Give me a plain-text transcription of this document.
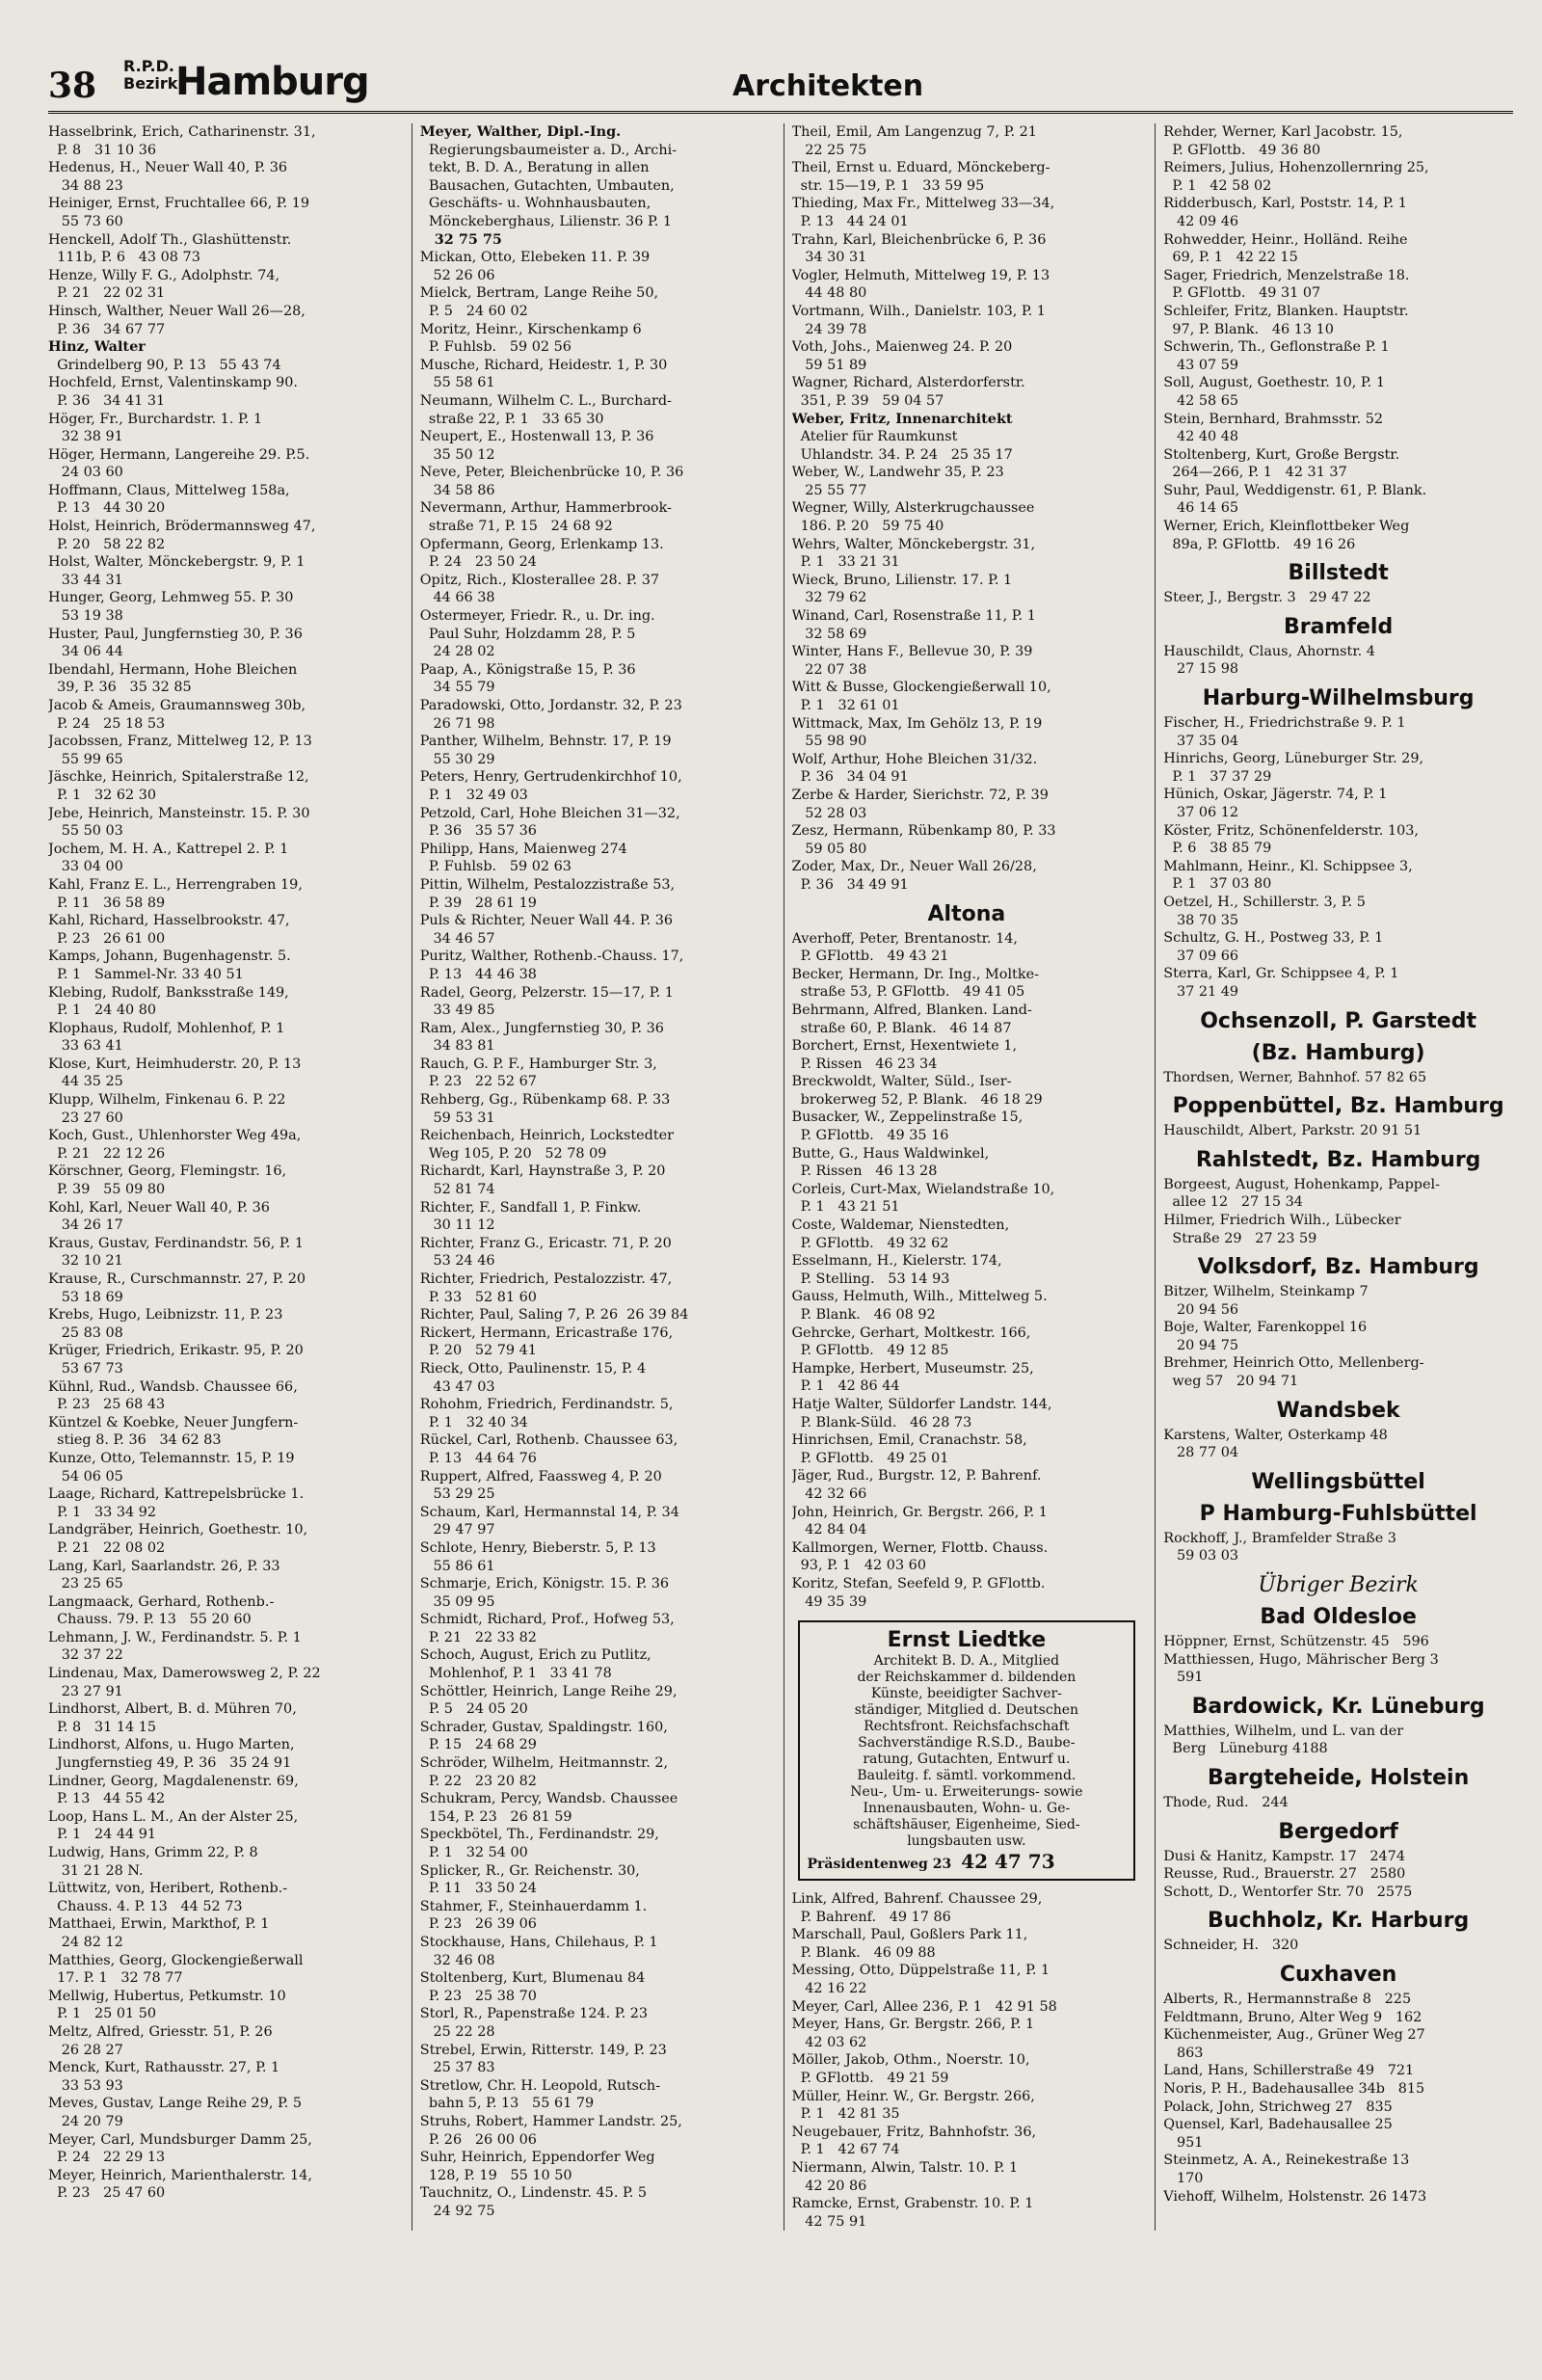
38 R.P.D.
Bezirk
Hamburg	Architekten
Hasselbrink, Erich, Catharinenstr. 31,
P. 8   31 10 36
Hedenus, H., Neuer Wall 40, P. 36
34 88 23
Heiniger, Ernst, Fruchtallee 66, P. 19
55 73 60
Henckell, Adolf Th., Glashüttenstr.
111b, P. 6   43 08 73
Henze, Willy F. G., Adolphstr. 74,
P. 21   22 02 31
Hinsch, Walther, Neuer Wall 26—28,
P. 36   34 67 77
Hinz, Walter
Grindelberg 90, P. 13   55 43 74
Hochfeld, Ernst, Valentinskamp 90.
P. 36   34 41 31
Höger, Fr., Burchardstr. 1. P. 1
32 38 91
Höger, Hermann, Langereihe 29. P.5.
24 03 60
Hoffmann, Claus, Mittelweg 158a,
P. 13   44 30 20
Holst, Heinrich, Brödermannsweg 47,
P. 20   58 22 82
Holst, Walter, Mönckebergstr. 9, P. 1
33 44 31
Hunger, Georg, Lehmweg 55. P. 30
53 19 38
Huster, Paul, Jungfernstieg 30, P. 36
34 06 44
Ibendahl, Hermann, Hohe Bleichen
39, P. 36   35 32 85
Jacob & Ameis, Graumannsweg 30b,
P. 24   25 18 53
Jacobssen, Franz, Mittelweg 12, P. 13
55 99 65
Jäschke, Heinrich, Spitalerstraße 12,
P. 1   32 62 30
Jebe, Heinrich, Mansteinstr. 15. P. 30
55 50 03
Jochem, M. H. A., Kattrepel 2. P. 1
33 04 00
Kahl, Franz E. L., Herrengraben 19,
P. 11   36 58 89
Kahl, Richard, Hasselbrookstr. 47,
P. 23   26 61 00
Kamps, Johann, Bugenhagenstr. 5.
P. 1   Sammel-Nr. 33 40 51
Klebing, Rudolf, Banksstraße 149,
P. 1   24 40 80
Klophaus, Rudolf, Mohlenhof, P. 1
33 63 41
Klose, Kurt, Heimhuderstr. 20, P. 13
44 35 25
Klupp, Wilhelm, Finkenau 6. P. 22
23 27 60
Koch, Gust., Uhlenhorster Weg 49a,
P. 21   22 12 26
Körschner, Georg, Flemingstr. 16,
P. 39   55 09 80
Kohl, Karl, Neuer Wall 40, P. 36
34 26 17
Kraus, Gustav, Ferdinandstr. 56, P. 1
32 10 21
Krause, R., Curschmannstr. 27, P. 20
53 18 69
Krebs, Hugo, Leibnizstr. 11, P. 23
25 83 08
Krüger, Friedrich, Erikastr. 95, P. 20
53 67 73
Kühnl, Rud., Wandsb. Chaussee 66,
P. 23   25 68 43
Küntzel & Koebke, Neuer Jungfern-
stieg 8. P. 36   34 62 83
Kunze, Otto, Telemannstr. 15, P. 19
54 06 05
Laage, Richard, Kattrepelsbrücke 1.
P. 1   33 34 92
Landgräber, Heinrich, Goethestr. 10,
P. 21   22 08 02
Lang, Karl, Saarlandstr. 26, P. 33
23 25 65
Langmaack, Gerhard, Rothenb.-
Chauss. 79. P. 13   55 20 60
Lehmann, J. W., Ferdinandstr. 5. P. 1
32 37 22
Lindenau, Max, Damerowsweg 2, P. 22
23 27 91
Lindhorst, Albert, B. d. Mühren 70,
P. 8   31 14 15
Lindhorst, Alfons, u. Hugo Marten,
Jungfernstieg 49, P. 36   35 24 91
Lindner, Georg, Magdalenenstr. 69,
P. 13   44 55 42
Loop, Hans L. M., An der Alster 25,
P. 1   24 44 91
Ludwig, Hans, Grimm 22, P. 8
31 21 28 N.
Lüttwitz, von, Heribert, Rothenb.-
Chauss. 4. P. 13   44 52 73
Matthaei, Erwin, Markthof, P. 1
24 82 12
Matthies, Georg, Glockengießerwall
17. P. 1   32 78 77
Mellwig, Hubertus, Petkumstr. 10
P. 1   25 01 50
Meltz, Alfred, Griesstr. 51, P. 26
26 28 27
Menck, Kurt, Rathausstr. 27, P. 1
33 53 93
Meves, Gustav, Lange Reihe 29, P. 5
24 20 79
Meyer, Carl, Mundsburger Damm 25,
P. 24   22 29 13
Meyer, Heinrich, Marienthalerstr. 14,
P. 23   25 47 60
Meyer, Walther, Dipl.-Ing.
Regierungsbaumeister a. D., Archi-
tekt, B. D. A., Beratung in allen
Bausachen, Gutachten, Umbauten,
Geschäfts- u. Wohnhausbauten,
Mönckeberghaus, Lilienstr. 36 P. 1
32 75 75
Mickan, Otto, Elebeken 11. P. 39
52 26 06
Mielck, Bertram, Lange Reihe 50,
P. 5   24 60 02
Moritz, Heinr., Kirschenkamp 6
P. Fuhlsb.   59 02 56
Musche, Richard, Heidestr. 1, P. 30
55 58 61
Neumann, Wilhelm C. L., Burchard-
straße 22, P. 1   33 65 30
Neupert, E., Hostenwall 13, P. 36
35 50 12
Neve, Peter, Bleichenbrücke 10, P. 36
34 58 86
Nevermann, Arthur, Hammerbrook-
straße 71, P. 15   24 68 92
Opfermann, Georg, Erlenkamp 13.
P. 24   23 50 24
Opitz, Rich., Klosterallee 28. P. 37
44 66 38
Ostermeyer, Friedr. R., u. Dr. ing.
Paul Suhr, Holzdamm 28, P. 5
24 28 02
Paap, A., Königstraße 15, P. 36
34 55 79
Paradowski, Otto, Jordanstr. 32, P. 23
26 71 98
Panther, Wilhelm, Behnstr. 17, P. 19
55 30 29
Peters, Henry, Gertrudenkirchhof 10,
P. 1   32 49 03
Petzold, Carl, Hohe Bleichen 31—32,
P. 36   35 57 36
Philipp, Hans, Maienweg 274
P. Fuhlsb.   59 02 63
Pittin, Wilhelm, Pestalozzistraße 53,
P. 39   28 61 19
Puls & Richter, Neuer Wall 44. P. 36
34 46 57
Puritz, Walther, Rothenb.-Chauss. 17,
P. 13   44 46 38
Radel, Georg, Pelzerstr. 15—17, P. 1
33 49 85
Ram, Alex., Jungfernstieg 30, P. 36
34 83 81
Rauch, G. P. F., Hamburger Str. 3,
P. 23   22 52 67
Rehberg, Gg., Rübenkamp 68. P. 33
59 53 31
Reichenbach, Heinrich, Lockstedter
Weg 105, P. 20   52 78 09
Richardt, Karl, Haynstraße 3, P. 20
52 81 74
Richter, F., Sandfall 1, P. Finkw.
30 11 12
Richter, Franz G., Ericastr. 71, P. 20
53 24 46
Richter, Friedrich, Pestalozzistr. 47,
P. 33   52 81 60
Richter, Paul, Saling 7, P. 26  26 39 84
Rickert, Hermann, Ericastraße 176,
P. 20   52 79 41
Rieck, Otto, Paulinenstr. 15, P. 4
43 47 03
Rohohm, Friedrich, Ferdinandstr. 5,
P. 1   32 40 34
Rückel, Carl, Rothenb. Chaussee 63,
P. 13   44 64 76
Ruppert, Alfred, Faassweg 4, P. 20
53 29 25
Schaum, Karl, Hermannstal 14, P. 34
29 47 97
Schlote, Henry, Bieberstr. 5, P. 13
55 86 61
Schmarje, Erich, Königstr. 15. P. 36
35 09 95
Schmidt, Richard, Prof., Hofweg 53,
P. 21   22 33 82
Schoch, August, Erich zu Putlitz,
Mohlenhof, P. 1   33 41 78
Schöttler, Heinrich, Lange Reihe 29,
P. 5   24 05 20
Schrader, Gustav, Spaldingstr. 160,
P. 15   24 68 29
Schröder, Wilhelm, Heitmannstr. 2,
P. 22   23 20 82
Schukram, Percy, Wandsb. Chaussee
154, P. 23   26 81 59
Speckbötel, Th., Ferdinandstr. 29,
P. 1   32 54 00
Splicker, R., Gr. Reichenstr. 30,
P. 11   33 50 24
Stahmer, F., Steinhauerdamm 1.
P. 23   26 39 06
Stockhause, Hans, Chilehaus, P. 1
32 46 08
Stoltenberg, Kurt, Blumenau 84
P. 23   25 38 70
Storl, R., Papenstraße 124. P. 23
25 22 28
Strebel, Erwin, Ritterstr. 149, P. 23
25 37 83
Stretlow, Chr. H. Leopold, Rutsch-
bahn 5, P. 13   55 61 79
Struhs, Robert, Hammer Landstr. 25,
P. 26   26 00 06
Suhr, Heinrich, Eppendorfer Weg
128, P. 19   55 10 50
Tauchnitz, O., Lindenstr. 45. P. 5
24 92 75
Theil, Emil, Am Langenzug 7, P. 21
22 25 75
Theil, Ernst u. Eduard, Mönckeberg-
str. 15—19, P. 1   33 59 95
Thieding, Max Fr., Mittelweg 33—34,
P. 13   44 24 01
Trahn, Karl, Bleichenbrücke 6, P. 36
34 30 31
Vogler, Helmuth, Mittelweg 19, P. 13
44 48 80
Vortmann, Wilh., Danielstr. 103, P. 1
24 39 78
Voth, Johs., Maienweg 24. P. 20
59 51 89
Wagner, Richard, Alsterdorferstr.
351, P. 39   59 04 57
Weber, Fritz, Innenarchitekt
Atelier für Raumkunst
Uhlandstr. 34. P. 24   25 35 17
Weber, W., Landwehr 35, P. 23
25 55 77
Wegner, Willy, Alsterkrugchaussee
186. P. 20   59 75 40
Wehrs, Walter, Mönckebergstr. 31,
P. 1   33 21 31
Wieck, Bruno, Lilienstr. 17. P. 1
32 79 62
Winand, Carl, Rosenstraße 11, P. 1
32 58 69
Winter, Hans F., Bellevue 30, P. 39
22 07 38
Witt & Busse, Glockengießerwall 10,
P. 1   32 61 01
Wittmack, Max, Im Gehölz 13, P. 19
55 98 90
Wolf, Arthur, Hohe Bleichen 31/32.
P. 36   34 04 91
Zerbe & Harder, Sierichstr. 72, P. 39
52 28 03
Zesz, Hermann, Rübenkamp 80, P. 33
59 05 80
Zoder, Max, Dr., Neuer Wall 26/28,
P. 36   34 49 91
Altona
Averhoff, Peter, Brentanostr. 14,
P. GFlottb.   49 43 21
Becker, Hermann, Dr. Ing., Moltke-
straße 53, P. GFlottb.   49 41 05
Behrmann, Alfred, Blanken. Land-
straße 60, P. Blank.   46 14 87
Borchert, Ernst, Hexentwiete 1,
P. Rissen   46 23 34
Breckwoldt, Walter, Süld., Iser-
brokerweg 52, P. Blank.   46 18 29
Busacker, W., Zeppelinstraße 15,
P. GFlottb.   49 35 16
Butte, G., Haus Waldwinkel,
P. Rissen   46 13 28
Corleis, Curt-Max, Wielandstraße 10,
P. 1   43 21 51
Coste, Waldemar, Nienstedten,
P. GFlottb.   49 32 62
Esselmann, H., Kielerstr. 174,
P. Stelling.   53 14 93
Gauss, Helmuth, Wilh., Mittelweg 5.
P. Blank.   46 08 92
Gehrcke, Gerhart, Moltkestr. 166,
P. GFlottb.   49 12 85
Hampke, Herbert, Museumstr. 25,
P. 1   42 86 44
Hatje Walter, Süldorfer Landstr. 144,
P. Blank-Süld.   46 28 73
Hinrichsen, Emil, Cranachstr. 58,
P. GFlottb.   49 25 01
Jäger, Rud., Burgstr. 12, P. Bahrenf.
42 32 66
John, Heinrich, Gr. Bergstr. 266, P. 1
42 84 04
Kallmorgen, Werner, Flottb. Chauss.
93, P. 1   42 03 60
Koritz, Stefan, Seefeld 9, P. GFlottb.
49 35 39
Ernst Liedtke
Architekt B. D. A., Mitglied
der Reichskammer d. bildenden
Künste, beeidigter Sachver-
ständiger, Mitglied d. Deutschen
Rechtsfront. Reichsfachschaft
Sachverständige R.S.D., Baube-
ratung, Gutachten, Entwurf u.
Bauleitg. f. sämtl. vorkommend.
Neu-, Um- u. Erweiterungs- sowie
Innenausbauten, Wohn- u. Ge-
schäftshäuser, Eigenheime, Sied-
lungsbauten usw.
Präsidentenweg 23 42 47 73
Link, Alfred, Bahrenf. Chaussee 29,
P. Bahrenf.   49 17 86
Marschall, Paul, Goßlers Park 11,
P. Blank.   46 09 88
Messing, Otto, Düppelstraße 11, P. 1
42 16 22
Meyer, Carl, Allee 236, P. 1   42 91 58
Meyer, Hans, Gr. Bergstr. 266, P. 1
42 03 62
Möller, Jakob, Othm., Noerstr. 10,
P. GFlottb.   49 21 59
Müller, Heinr. W., Gr. Bergstr. 266,
P. 1   42 81 35
Neugebauer, Fritz, Bahnhofstr. 36,
P. 1   42 67 74
Niermann, Alwin, Talstr. 10. P. 1
42 20 86
Ramcke, Ernst, Grabenstr. 10. P. 1
42 75 91
Rehder, Werner, Karl Jacobstr. 15,
P. GFlottb.   49 36 80
Reimers, Julius, Hohenzollernring 25,
P. 1   42 58 02
Ridderbusch, Karl, Poststr. 14, P. 1
42 09 46
Rohwedder, Heinr., Holländ. Reihe
69, P. 1   42 22 15
Sager, Friedrich, Menzelstraße 18.
P. GFlottb.   49 31 07
Schleifer, Fritz, Blanken. Hauptstr.
97, P. Blank.   46 13 10
Schwerin, Th., Geflonstraße P. 1
43 07 59
Soll, August, Goethestr. 10, P. 1
42 58 65
Stein, Bernhard, Brahmsstr. 52
42 40 48
Stoltenberg, Kurt, Große Bergstr.
264—266, P. 1   42 31 37
Suhr, Paul, Weddigenstr. 61, P. Blank.
46 14 65
Werner, Erich, Kleinflottbeker Weg
89a, P. GFlottb.   49 16 26
Billstedt
Steer, J., Bergstr. 3   29 47 22
Bramfeld
Hauschildt, Claus, Ahornstr. 4
27 15 98
Harburg-Wilhelmsburg
Fischer, H., Friedrichstraße 9. P. 1
37 35 04
Hinrichs, Georg, Lüneburger Str. 29,
P. 1   37 37 29
Hünich, Oskar, Jägerstr. 74, P. 1
37 06 12
Köster, Fritz, Schönenfelderstr. 103,
P. 6   38 85 79
Mahlmann, Heinr., Kl. Schippsee 3,
P. 1   37 03 80
Oetzel, H., Schillerstr. 3, P. 5
38 70 35
Schultz, G. H., Postweg 33, P. 1
37 09 66
Sterra, Karl, Gr. Schippsee 4, P. 1
37 21 49
Ochsenzoll, P. Garstedt
(Bz. Hamburg)
Thordsen, Werner, Bahnhof. 57 82 65
Poppenbüttel, Bz. Hamburg
Hauschildt, Albert, Parkstr. 20 91 51
Rahlstedt, Bz. Hamburg
Borgeest, August, Hohenkamp, Pappel-
allee 12   27 15 34
Hilmer, Friedrich Wilh., Lübecker
Straße 29   27 23 59
Volksdorf, Bz. Hamburg
Bitzer, Wilhelm, Steinkamp 7
20 94 56
Boje, Walter, Farenkoppel 16
20 94 75
Brehmer, Heinrich Otto, Mellenberg-
weg 57   20 94 71
Wandsbek
Karstens, Walter, Osterkamp 48
28 77 04
Wellingsbüttel
P Hamburg-Fuhlsbüttel
Rockhoff, J., Bramfelder Straße 3
59 03 03
Übriger Bezirk
Bad Oldesloe
Höppner, Ernst, Schützenstr. 45   596
Matthiessen, Hugo, Mährischer Berg 3
591
Bardowick, Kr. Lüneburg
Matthies, Wilhelm, und L. van der
Berg   Lüneburg 4188
Bargteheide, Holstein
Thode, Rud.   244
Bergedorf
Dusi & Hanitz, Kampstr. 17   2474
Reusse, Rud., Brauerstr. 27   2580
Schott, D., Wentorfer Str. 70   2575
Buchholz, Kr. Harburg
Schneider, H.   320
Cuxhaven
Alberts, R., Hermannstraße 8   225
Feldtmann, Bruno, Alter Weg 9   162
Küchenmeister, Aug., Grüner Weg 27
863
Land, Hans, Schillerstraße 49   721
Noris, P. H., Badehausallee 34b   815
Polack, John, Strichweg 27   835
Quensel, Karl, Badehausallee 25
951
Steinmetz, A. A., Reinekestraße 13
170
Viehoff, Wilhelm, Holstenstr. 26 1473
